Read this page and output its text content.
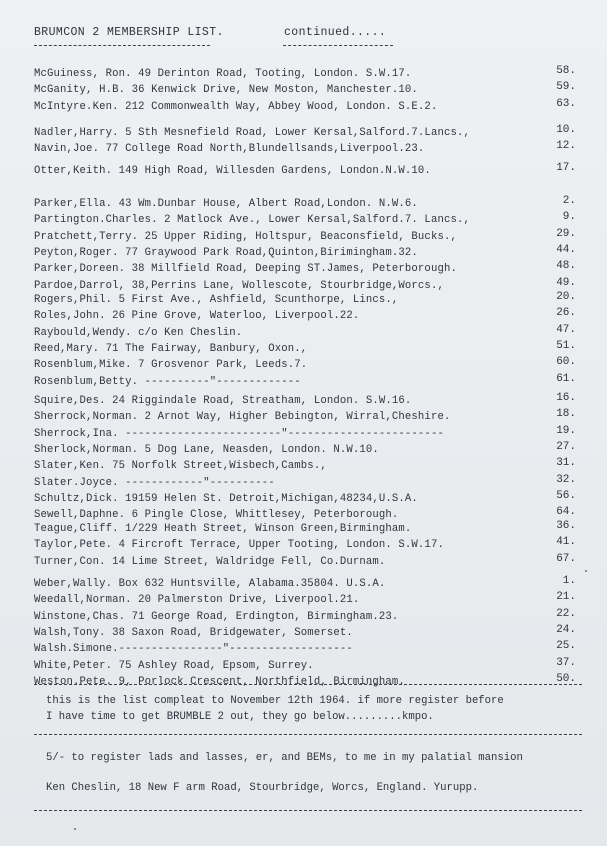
BRUMCON 2 MEMBERSHIP LIST.	continued.....
McGuiness, Ron. 49 Derinton Road, Tooting, London. S.W.17.	58.
McGanity, H.B. 36 Kenwick Drive, New Moston, Manchester.10.	59.
McIntyre.Ken. 212 Commonwealth Way, Abbey Wood, London. S.E.2.	63.
Nadler,Harry. 5 Sth Mesnefield Road, Lower Kersal,Salford.7.Lancs.,	10.
Navin,Joe. 77 College Road North,Blundellsands,Liverpool.23.	12.
Otter,Keith. 149 High Road, Willesden Gardens, London.N.W.10.	17.
Parker,Ella. 43 Wm.Dunbar House, Albert Road,London. N.W.6.	2.
Partington.Charles. 2 Matlock Ave., Lower Kersal,Salford.7. Lancs.,	9.
Pratchett,Terry. 25 Upper Riding, Holtspur, Beaconsfield, Bucks.,	29.
Peyton,Roger. 77 Graywood Park Road,Quinton,Birimingham.32.	44.
Parker,Doreen. 38 Millfield Road, Deeping ST.James, Peterborough.	48.
Pardoe,Darrol, 38,Perrins Lane, Wollescote, Stourbridge,Worcs.,	49.
Rogers,Phil. 5 First Ave., Ashfield, Scunthorpe, Lincs.,	20.
Roles,John. 26 Pine Grove, Waterloo, Liverpool.22.	26.
Raybould,Wendy. c/o Ken Cheslin.	47.
Reed,Mary. 71 The Fairway, Banbury, Oxon.,	51.
Rosenblum,Mike. 7 Grosvenor Park, Leeds.7.	60.
Rosenblum,Betty. ----------"-------------	61.
Squire,Des. 24 Riggindale Road, Streatham, London. S.W.16.	16.
Sherrock,Norman. 2 Arnot Way, Higher Bebington, Wirral,Cheshire.	18.
Sherrock,Ina. ------------------------"------------------------	19.
Sherlock,Norman. 5 Dog Lane, Neasden, London. N.W.10.	27.
Slater,Ken. 75 Norfolk Street,Wisbech,Cambs.,	31.
Slater.Joyce. ------------"----------	32.
Schultz,Dick. 19159 Helen St. Detroit,Michigan,48234,U.S.A.	56.
Sewell,Daphne. 6 Pingle Close, Whittlesey, Peterborough.	64.
Teague,Cliff. 1/229 Heath Street, Winson Green,Birmingham.	36.
Taylor,Pete. 4 Fircroft Terrace, Upper Tooting, London. S.W.17.	41.
Turner,Con. 14 Lime Street, Waldridge Fell, Co.Durnam.	67.
Weber,Wally. Box 632 Huntsville, Alabama.35804. U.S.A.	1.
Weedall,Norman. 20 Palmerston Drive, Liverpool.21.	21.
Winstone,Chas. 71 George Road, Erdington, Birmingham.23.	22.
Walsh,Tony. 38 Saxon Road, Bridgewater, Somerset.	24.
Walsh.Simone.----------------"-------------------	25.
White,Peter. 75 Ashley Road, Epsom, Surrey.	37.
Weston.Pete. 9, Porlock Crescent, Northfield, Birmingham.	50.
this is the list compleat to November 12th 1964. if more register before
I have time to get BRUMBLE 2 out, they go below.........kmpo.
5/- to register lads and lasses, er, and BEMs, to me in my palatial mansion
Ken Cheslin, 18 New F arm Road, Stourbridge, Worcs, England. Yurupp.
